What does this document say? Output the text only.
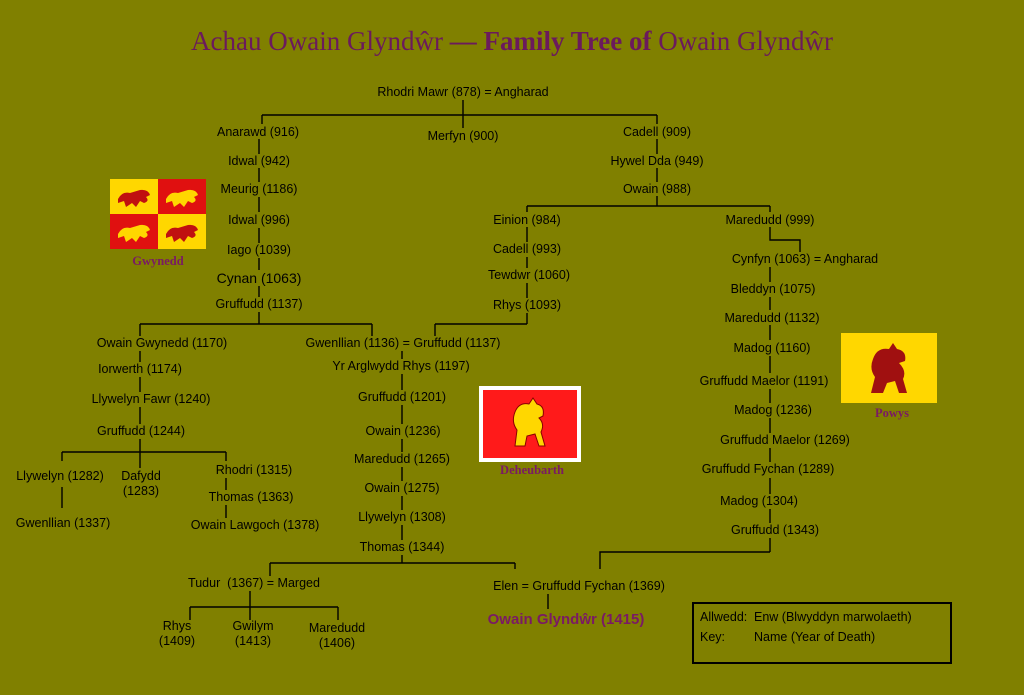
Achau Owain Glyndŵr — Family Tree of Owain Glyndŵr
Rhodri Mawr (878) = Angharad
Anarawd (916)	Merfyn (900)	Cadell (909)
Idwal (942)	Hywel Dda (949)
Meurig (1186)	Owain (988)
Idwal (996)	Einion (984)	Maredudd (999)
Iago (1039)	Cadell (993)
Cynfyn (1063) = Angharad
Cynan (1063)	Tewdwr (1060)
Bleddyn (1075)
Gruffudd (1137)	Rhys (1093)
Maredudd (1132)
Owain Gwynedd (1170)	Gwenllian (1136) = Gruffudd (1137)	Madog (1160)
Iorwerth (1174)	Yr Arglwydd Rhys (1197)
Gruffudd Maelor (1191)
Llywelyn Fawr (1240)	Gruffudd (1201)
Madog (1236)
Gruffudd (1244)	Owain (1236)
Gruffudd Maelor (1269)
Maredudd (1265)
Llywelyn (1282)	Dafydd (1283)
Rhodri (1315)	Gruffudd Fychan (1289)
Thomas (1363)
Owain (1275)
Madog (1304)
Gwenllian (1337)	Owain Lawgoch (1378)
Llywelyn (1308)
Gruffudd (1343)
Thomas (1344)
Tudur  (1367) = Marged	Elen = Gruffudd Fychan (1369)
Rhys (1409)
Gwilym (1413)
Maredudd (1406)
Owain Glyndŵr (1415)
Gwynedd
Deheubarth
Powys
Allwedd: Enw (Blwyddyn marwolaeth)
Key: Name (Year of Death)
